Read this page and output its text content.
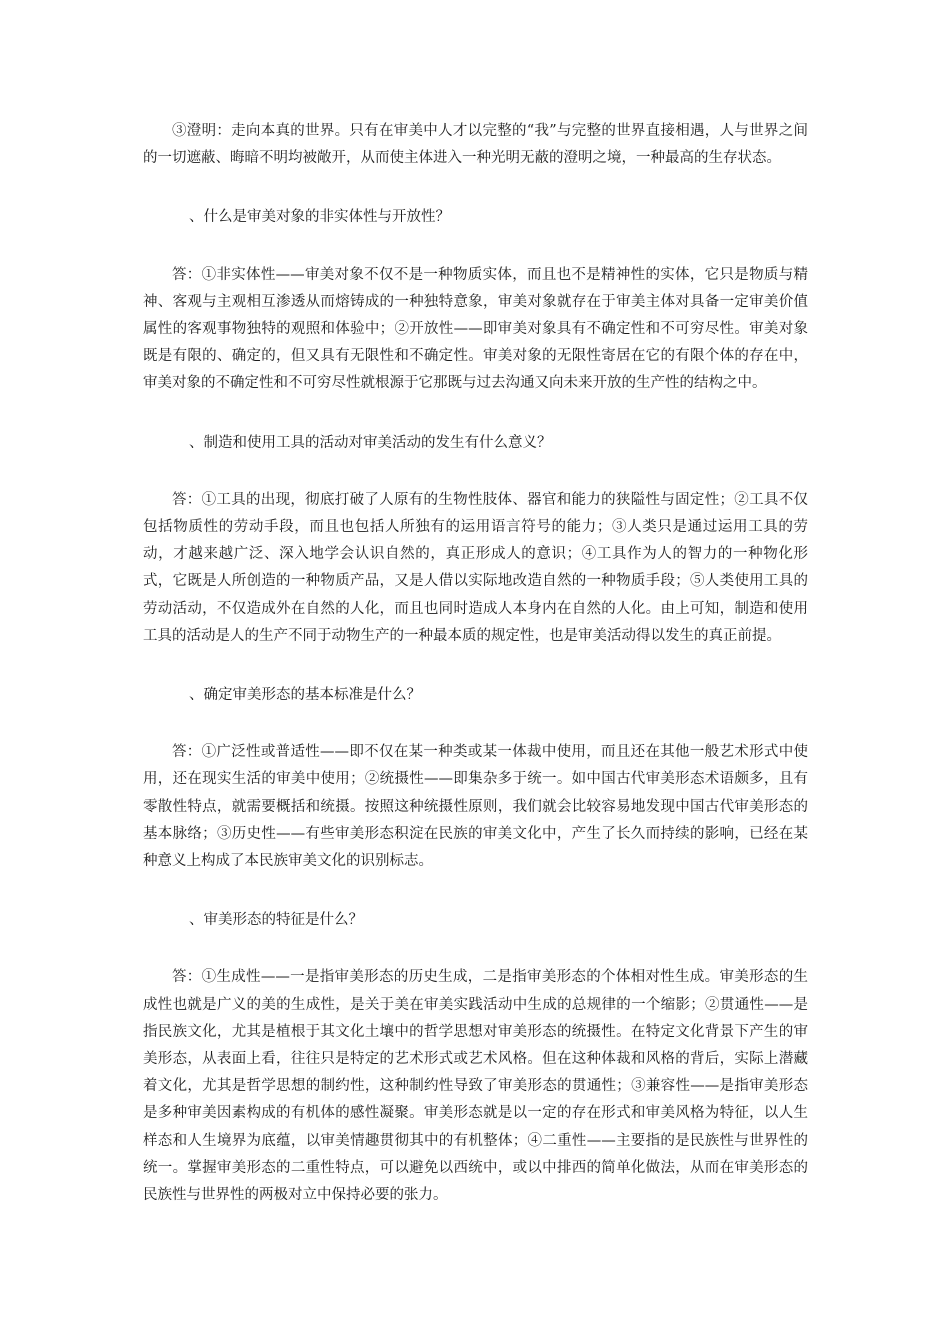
③澄明：走向本真的世界。只有在审美中人才以完整的“我”与完整的世界直接相遇，人与世界之间的一切遮蔽、晦暗不明均被敞开，从而使主体进入一种光明无蔽的澄明之境，一种最高的生存状态。

、什么是审美对象的非实体性与开放性？

答：①非实体性——审美对象不仅不是一种物质实体，而且也不是精神性的实体，它只是物质与精神、客观与主观相互渗透从而熔铸成的一种独特意象，审美对象就存在于审美主体对具备一定审美价值属性的客观事物独特的观照和体验中；②开放性——即审美对象具有不确定性和不可穷尽性。审美对象既是有限的、确定的，但又具有无限性和不确定性。审美对象的无限性寄居在它的有限个体的存在中，审美对象的不确定性和不可穷尽性就根源于它那既与过去沟通又向未来开放的生产性的结构之中。

、制造和使用工具的活动对审美活动的发生有什么意义？

答：①工具的出现，彻底打破了人原有的生物性肢体、器官和能力的狭隘性与固定性；②工具不仅包括物质性的劳动手段，而且也包括人所独有的运用语言符号的能力；③人类只是通过运用工具的劳动，才越来越广泛、深入地学会认识自然的，真正形成人的意识；④工具作为人的智力的一种物化形式，它既是人所创造的一种物质产品，又是人借以实际地改造自然的一种物质手段；⑤人类使用工具的劳动活动，不仅造成外在自然的人化，而且也同时造成人本身内在自然的人化。由上可知，制造和使用工具的活动是人的生产不同于动物生产的一种最本质的规定性，也是审美活动得以发生的真正前提。

、确定审美形态的基本标准是什么？

答：①广泛性或普适性——即不仅在某一种类或某一体裁中使用，而且还在其他一般艺术形式中使用，还在现实生活的审美中使用；②统摄性——即集杂多于统一。如中国古代审美形态术语颇多，且有零散性特点，就需要概括和统摄。按照这种统摄性原则，我们就会比较容易地发现中国古代审美形态的基本脉络；③历史性——有些审美形态积淀在民族的审美文化中，产生了长久而持续的影响，已经在某种意义上构成了本民族审美文化的识别标志。

、审美形态的特征是什么？

答：①生成性——一是指审美形态的历史生成，二是指审美形态的个体相对性生成。审美形态的生成性也就是广义的美的生成性，是关于美在审美实践活动中生成的总规律的一个缩影；②贯通性——是指民族文化，尤其是植根于其文化土壤中的哲学思想对审美形态的统摄性。在特定文化背景下产生的审美形态，从表面上看，往往只是特定的艺术形式或艺术风格。但在这种体裁和风格的背后，实际上潜藏着文化，尤其是哲学思想的制约性，这种制约性导致了审美形态的贯通性；③兼容性——是指审美形态是多种审美因素构成的有机体的感性凝聚。审美形态就是以一定的存在形式和审美风格为特征，以人生样态和人生境界为底蕴，以审美情趣贯彻其中的有机整体；④二重性——主要指的是民族性与世界性的统一。掌握审美形态的二重性特点，可以避免以西统中，或以中排西的简单化做法，从而在审美形态的民族性与世界性的两极对立中保持必要的张力。
